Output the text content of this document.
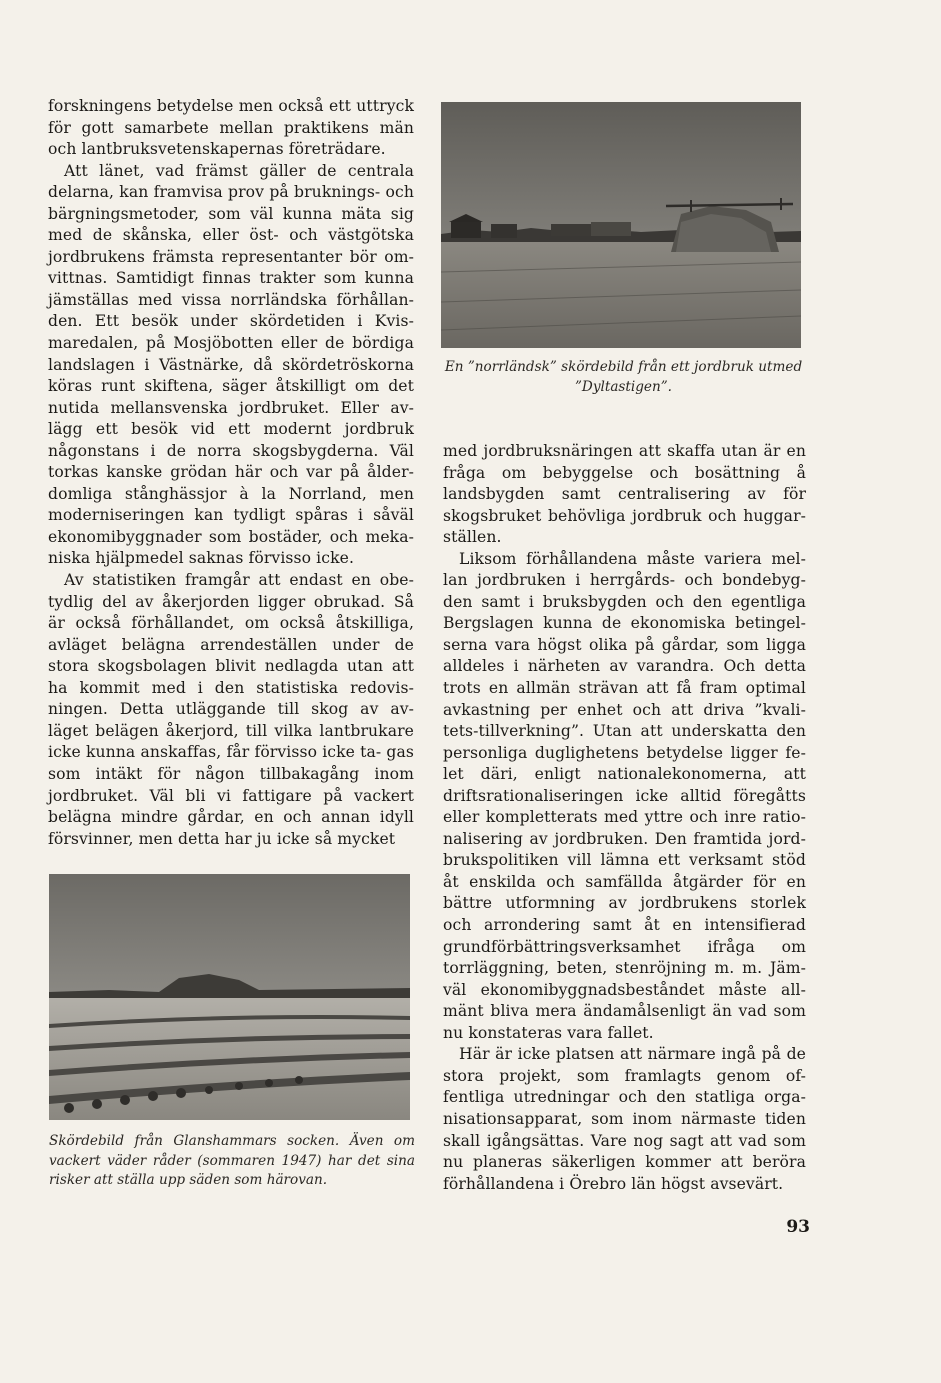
forskningens betydelse men också ett uttryck för gott samarbete mellan praktikens män och lantbruksvetenskapernas företrädare.

Att länet, vad främst gäller de centrala delarna, kan framvisa prov på bruknings- och bärgningsmetoder, som väl kunna mäta sig med de skånska, eller öst- och västgötska jordbrukens främsta representanter bör om- vittnas. Samtidigt finnas trakter som kunna jämställas med vissa norrländska förhållan- den. Ett besök under skördetiden i Kvis- maredalen, på Mosjöbotten eller de bördiga landslagen i Västnärke, då skördetröskorna köras runt skiftena, säger åtskilligt om det nutida mellansvenska jordbruket. Eller av- lägg ett besök vid ett modernt jordbruk någonstans i de norra skogsbygderna. Väl torkas kanske grödan här och var på ålder- domliga stånghässjor à la Norrland, men moderniseringen kan tydligt spåras i såväl ekonomibyggnader som bostäder, och meka- niska hjälpmedel saknas förvisso icke.

Av statistiken framgår att endast en obe- tydlig del av åkerjorden ligger obrukad. Så är också förhållandet, om också åtskilliga, avläget belägna arrendeställen under de stora skogsbolagen blivit nedlagda utan att ha kommit med i den statistiska redovis- ningen. Detta utläggande till skog av av- läget belägen åkerjord, till vilka lantbrukare icke kunna anskaffas, får förvisso icke ta- gas som intäkt för någon tillbakagång inom jordbruket. Väl bli vi fattigare på vackert belägna mindre gårdar, en och annan idyll försvinner, men detta har ju icke så mycket

En ”norrländsk” skördebild från ett jordbruk utmed ”Dyltastigen”.

Skördebild från Glanshammars socken. Även om vackert väder råder (sommaren 1947) har det sina risker att ställa upp säden som härovan.

med jordbruksnäringen att skaffa utan är en fråga om bebyggelse och bosättning å landsbygden samt centralisering av för skogsbruket behövliga jordbruk och huggar- ställen.

Liksom förhållandena måste variera mel- lan jordbruken i herrgårds- och bondebyg- den samt i bruksbygden och den egentliga Bergslagen kunna de ekonomiska betingel- serna vara högst olika på gårdar, som ligga alldeles i närheten av varandra. Och detta trots en allmän strävan att få fram optimal avkastning per enhet och att driva ”kvali- tets-tillverkning”. Utan att underskatta den personliga duglighetens betydelse ligger fe- let däri, enligt nationalekonomerna, att driftsrationaliseringen icke alltid föregåtts eller kompletterats med yttre och inre ratio- nalisering av jordbruken. Den framtida jord- brukspolitiken vill lämna ett verksamt stöd åt enskilda och samfällda åtgärder för en bättre utformning av jordbrukens storlek och arrondering samt åt en intensifierad grundförbättringsverksamhet ifråga om torrläggning, beten, stenröjning m. m. Jäm- väl ekonomibyggnadsbeståndet måste all- mänt bliva mera ändamålsenligt än vad som nu konstateras vara fallet.

Här är icke platsen att närmare ingå på de stora projekt, som framlagts genom of- fentliga utredningar och den statliga orga- nisationsapparat, som inom närmaste tiden skall igångsättas. Vare nog sagt att vad som nu planeras säkerligen kommer att beröra förhållandena i Örebro län högst avsevärt.

93
